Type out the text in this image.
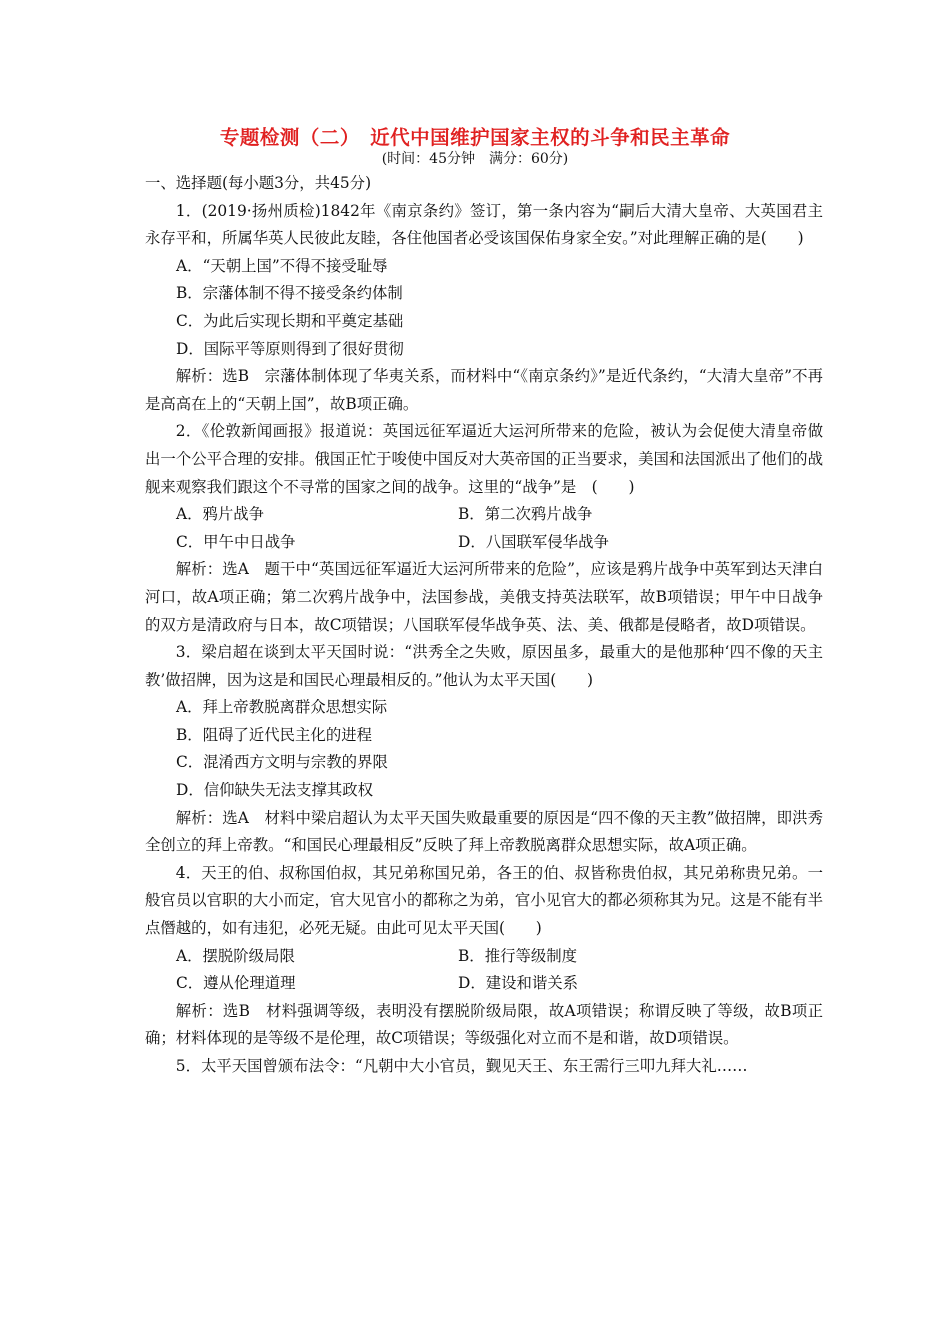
专题检测（二）　近代中国维护国家主权的斗争和民主革命
(时间：45分钟　满分：60分)

一、选择题(每小题3分，共45分)

1．(2019·扬州质检)1842年《南京条约》签订，第一条内容为“嗣后大清大皇帝、大英国君主永存平和，所属华英人民彼此友睦，各住他国者必受该国保佑身家全安。”对此理解正确的是(　　)

A．“天朝上国”不得不接受耻辱

B．宗藩体制不得不接受条约体制

C．为此后实现长期和平奠定基础

D．国际平等原则得到了很好贯彻

解析：选B　宗藩体制体现了华夷关系，而材料中“《南京条约》”是近代条约，“大清大皇帝”不再是高高在上的“天朝上国”，故B项正确。

2．《伦敦新闻画报》报道说：英国远征军逼近大运河所带来的危险，被认为会促使大清皇帝做出一个公平合理的安排。俄国正忙于唆使中国反对大英帝国的正当要求，美国和法国派出了他们的战舰来观察我们跟这个不寻常的国家之间的战争。这里的“战争”是　(　　)

A．鸦片战争	B．第二次鸦片战争
C．甲午中日战争	D．八国联军侵华战争

解析：选A　题干中“英国远征军逼近大运河所带来的危险”，应该是鸦片战争中英军到达天津白河口，故A项正确；第二次鸦片战争中，法国参战，美俄支持英法联军，故B项错误；甲午中日战争的双方是清政府与日本，故C项错误；八国联军侵华战争英、法、美、俄都是侵略者，故D项错误。

3．梁启超在谈到太平天国时说：“洪秀全之失败，原因虽多，最重大的是他那种‘四不像的天主教’做招牌，因为这是和国民心理最相反的。”他认为太平天国(　　)

A．拜上帝教脱离群众思想实际

B．阻碍了近代民主化的进程

C．混淆西方文明与宗教的界限

D．信仰缺失无法支撑其政权

解析：选A　材料中梁启超认为太平天国失败最重要的原因是“四不像的天主教”做招牌，即洪秀全创立的拜上帝教。“和国民心理最相反”反映了拜上帝教脱离群众思想实际，故A项正确。

4．天王的伯、叔称国伯叔，其兄弟称国兄弟，各王的伯、叔皆称贵伯叔，其兄弟称贵兄弟。一般官员以官职的大小而定，官大见官小的都称之为弟，官小见官大的都必须称其为兄。这是不能有半点僭越的，如有违犯，必死无疑。由此可见太平天国(　　)

A．摆脱阶级局限	B．推行等级制度
C．遵从伦理道理	D．建设和谐关系

解析：选B　材料强调等级，表明没有摆脱阶级局限，故A项错误；称谓反映了等级，故B项正确；材料体现的是等级不是伦理，故C项错误；等级强化对立而不是和谐，故D项错误。

5．太平天国曾颁布法令：“凡朝中大小官员，觐见天王、东王需行三叩九拜大礼……
